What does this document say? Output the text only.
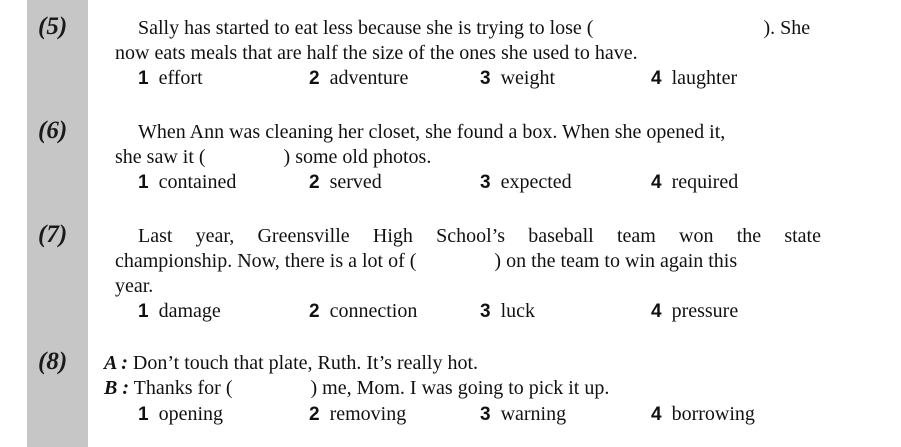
(5)	Sally has started to eat less because she is trying to lose (	). She
now eats meals that are half the size of the ones she used to have.
1 effort	2 adventure	3 weight	4 laughter
(6)	When Ann was cleaning her closet, she found a box. When she opened it,
she saw it (	) some old photos.
1 contained	2 served	3 expected	4 required
(7)	Last year, Greensville High School’s baseball team won the state
championship. Now, there is a lot of (	) on the team to win again this
year.
1 damage	2 connection	3 luck	4 pressure
(8) A : Don’t touch that plate, Ruth. It’s really hot.
B : Thanks for (	) me, Mom. I was going to pick it up.
1 opening	2 removing	3 warning	4 borrowing
